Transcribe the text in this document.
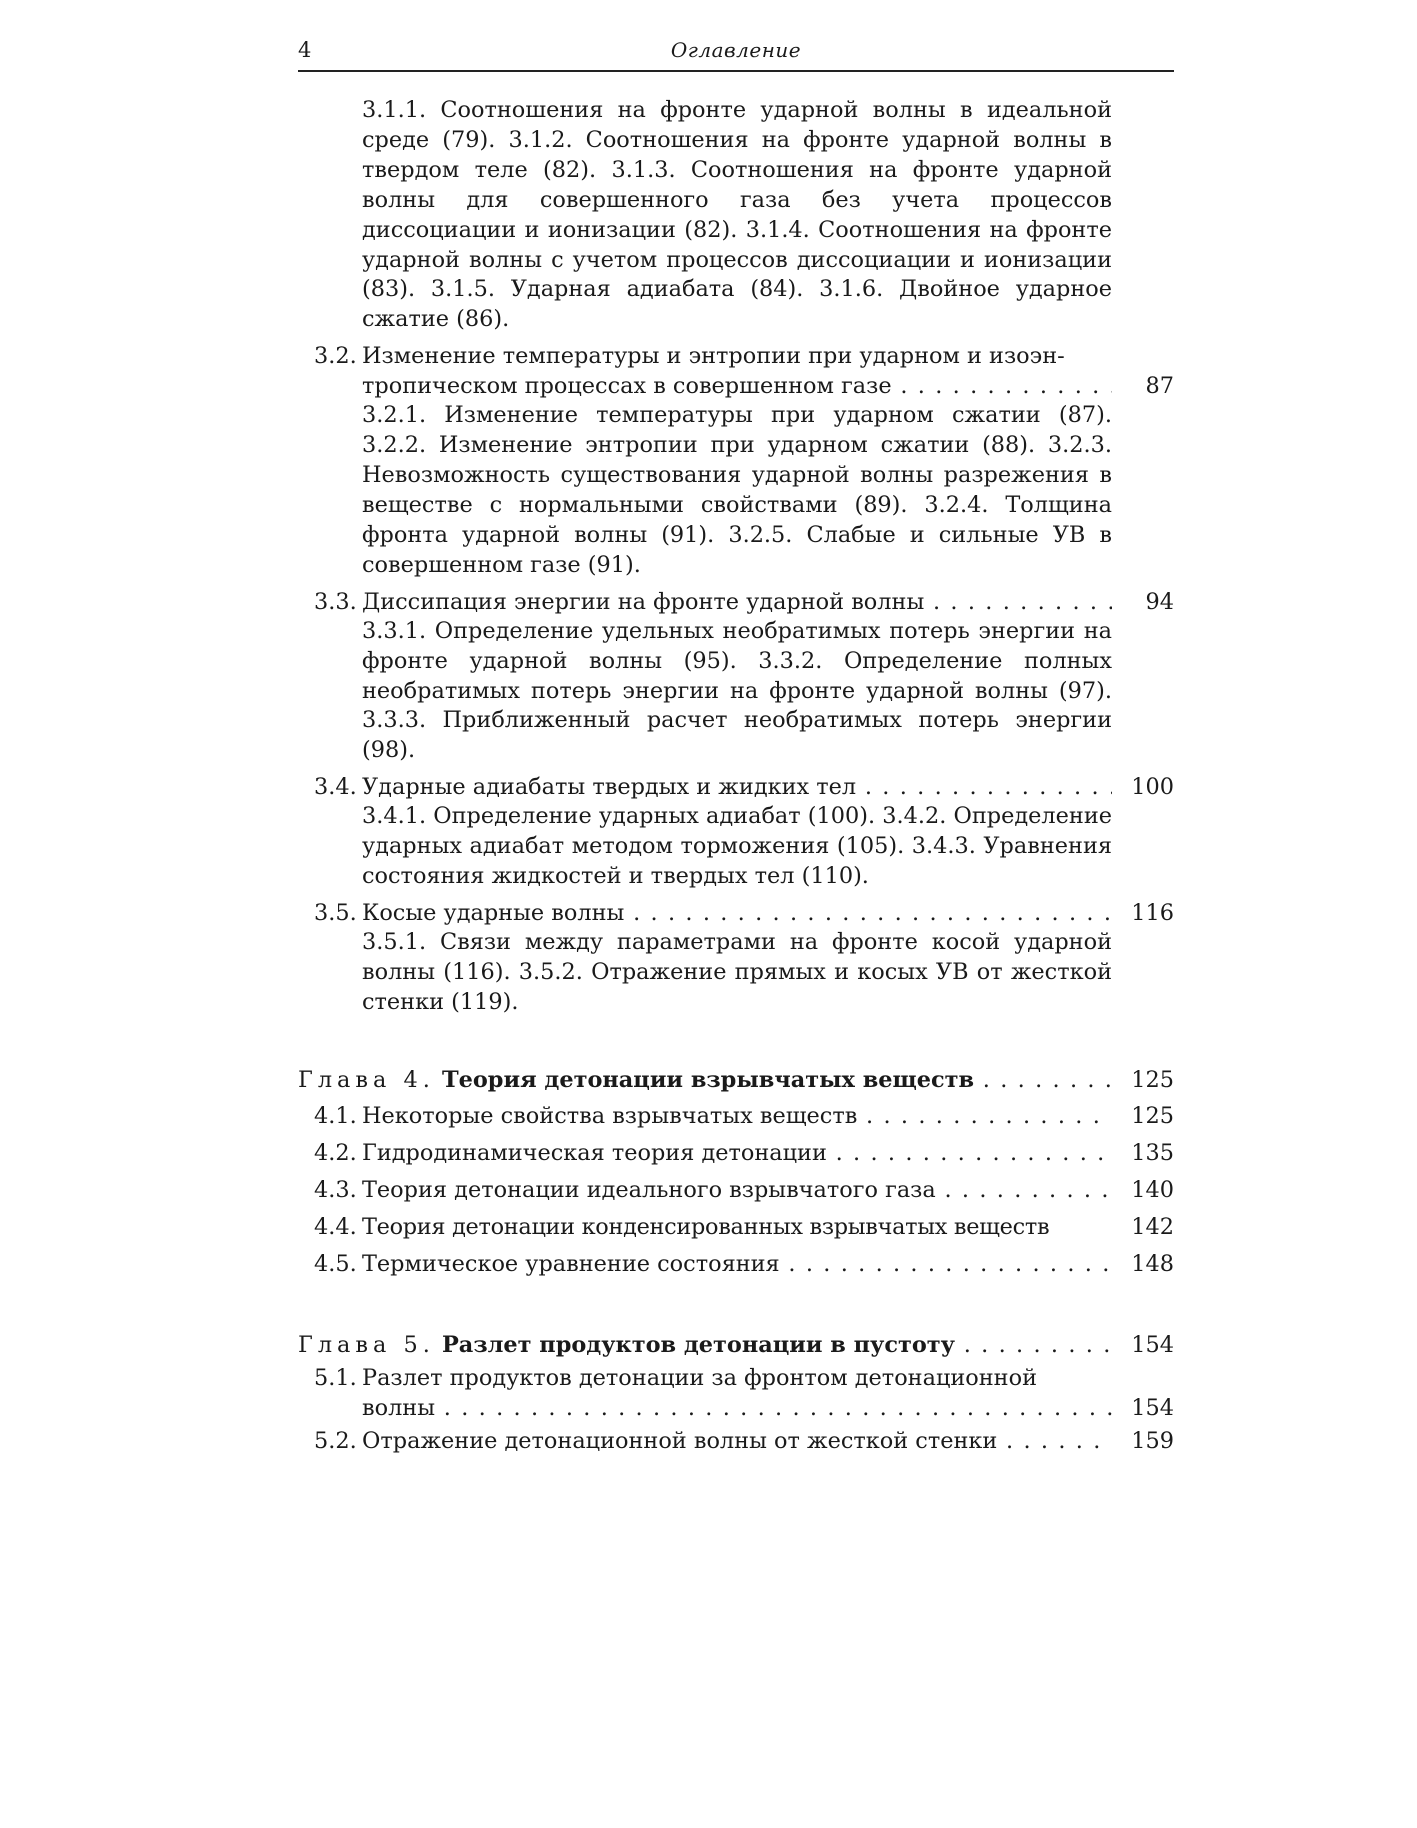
4	Оглавление

3.1.1. Соотношения на фронте ударной волны в идеальной среде (79). 3.1.2. Соотношения на фронте ударной волны в твердом теле (82). 3.1.3. Соотношения на фронте ударной волны для совершенного газа без учета процессов диссоциации и ионизации (82). 3.1.4. Соотношения на фронте ударной волны с учетом процессов диссоциации и ионизации (83). 3.1.5. Ударная адиабата (84). 3.1.6. Двойное ударное сжатие (86).

3.2. Изменение температуры и энтропии при ударном и изоэн-
тропическом процессах в совершенном газе . . .	87

3.2.1. Изменение температуры при ударном сжатии (87). 3.2.2. Изменение энтропии при ударном сжатии (88). 3.2.3. Невозможность существования ударной волны разрежения в веществе с нормальными свойствами (89). 3.2.4. Толщина фронта ударной волны (91). 3.2.5. Слабые и сильные УВ в совершенном газе (91).

3.3. Диссипация энергии на фронте ударной волны . . .	94

3.3.1. Определение удельных необратимых потерь энергии на фронте ударной волны (95). 3.3.2. Определение полных необратимых потерь энергии на фронте ударной волны (97). 3.3.3. Приближенный расчет необратимых потерь энергии (98).

3.4. Ударные адиабаты твердых и жидких тел . . .	100

3.4.1. Определение ударных адиабат (100). 3.4.2. Определение ударных адиабат методом торможения (105). 3.4.3. Уравнения состояния жидкостей и твердых тел (110).

3.5. Косые ударные волны . . .	116

3.5.1. Связи между параметрами на фронте косой ударной волны (116). 3.5.2. Отражение прямых и косых УВ от жесткой стенки (119).

Глава 4. Теория детонации взрывчатых веществ . . .	125
4.1. Некоторые свойства взрывчатых веществ . . .	125
4.2. Гидродинамическая теория детонации . . .	135
4.3. Теория детонации идеального взрывчатого газа . . .	140
4.4. Теория детонации конденсированных взрывчатых веществ	142
4.5. Термическое уравнение состояния . . .	148
Глава 5. Разлет продуктов детонации в пустоту . . .	154
5.1. Разлет продуктов детонации за фронтом детонационной
волны . . .	154
5.2. Отражение детонационной волны от жесткой стенки . . .	159
